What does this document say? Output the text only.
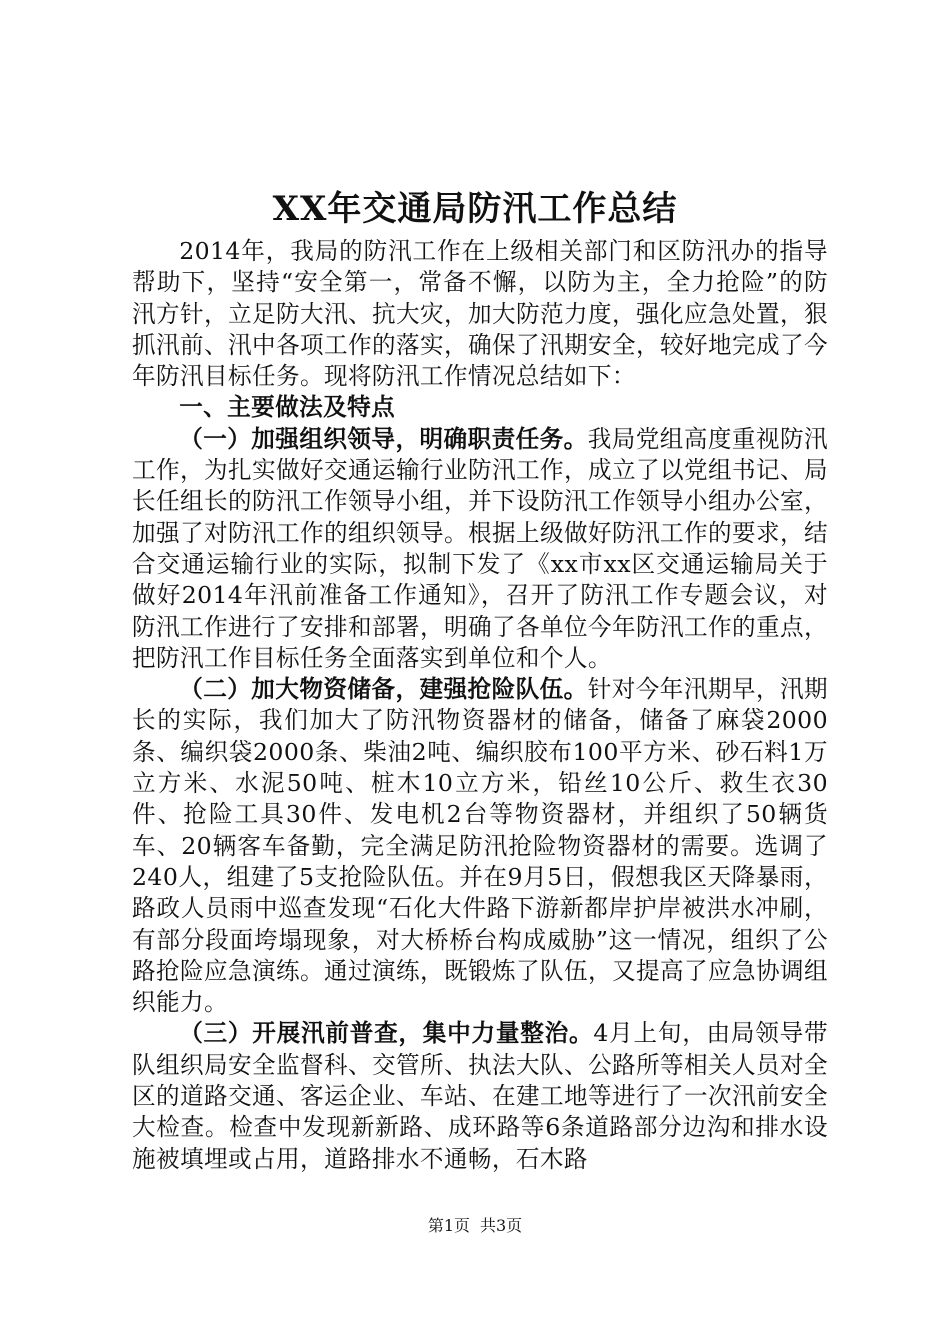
XX年交通局防汛工作总结

2014年，我局的防汛工作在上级相关部门和区防汛办的指导帮助下，坚持“安全第一，常备不懈，以防为主，全力抢险”的防汛方针，立足防大汛、抗大灾，加大防范力度，强化应急处置，狠抓汛前、汛中各项工作的落实，确保了汛期安全，较好地完成了今年防汛目标任务。现将防汛工作情况总结如下：

一、主要做法及特点

（一）加强组织领导，明确职责任务。我局党组高度重视防汛工作，为扎实做好交通运输行业防汛工作，成立了以党组书记、局长任组长的防汛工作领导小组，并下设防汛工作领导小组办公室，加强了对防汛工作的组织领导。根据上级做好防汛工作的要求，结合交通运输行业的实际，拟制下发了《xx市xx区交通运输局关于做好2014年汛前准备工作通知》，召开了防汛工作专题会议，对防汛工作进行了安排和部署，明确了各单位今年防汛工作的重点，把防汛工作目标任务全面落实到单位和个人。

（二）加大物资储备，建强抢险队伍。针对今年汛期早，汛期长的实际，我们加大了防汛物资器材的储备，储备了麻袋2000条、编织袋2000条、柴油2吨、编织胶布100平方米、砂石料1万立方米、水泥50吨、桩木10立方米，铅丝10公斤、救生衣30件、抢险工具30件、发电机2台等物资器材，并组织了50辆货车、20辆客车备勤，完全满足防汛抢险物资器材的需要。选调了240人，组建了5支抢险队伍。并在9月5日，假想我区天降暴雨，路政人员雨中巡查发现“石化大件路下游新都岸护岸被洪水冲刷，有部分段面垮塌现象，对大桥桥台构成威胁”这一情况，组织了公路抢险应急演练。通过演练，既锻炼了队伍，又提高了应急协调组织能力。

（三）开展汛前普查，集中力量整治。4月上旬，由局领导带队组织局安全监督科、交管所、执法大队、公路所等相关人员对全区的道路交通、客运企业、车站、在建工地等进行了一次汛前安全大检查。检查中发现新新路、成环路等6条道路部分边沟和排水设施被填埋或占用，道路排水不通畅，石木路

第1页 共3页
